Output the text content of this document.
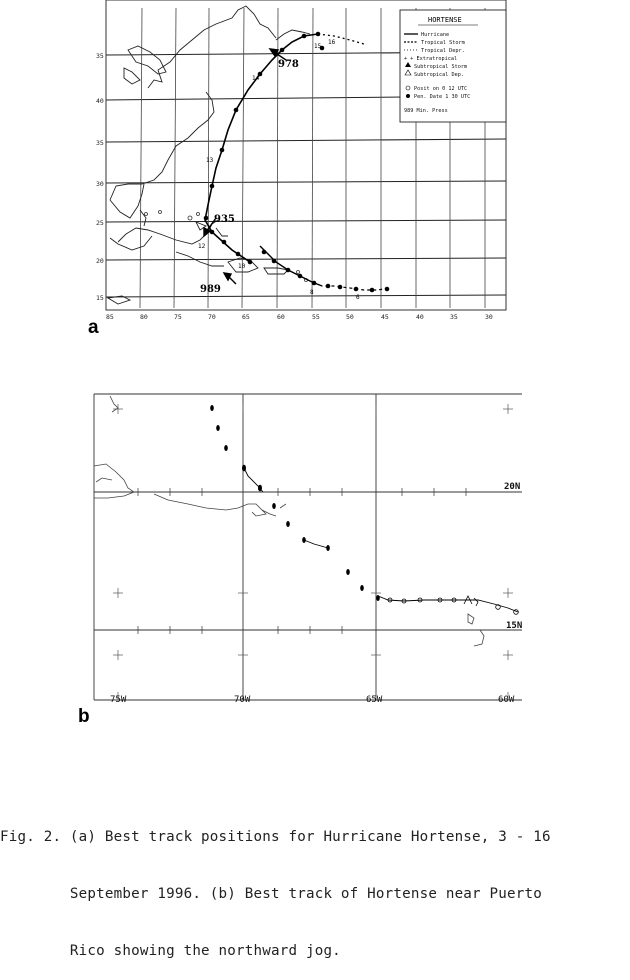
978
935
989
15
14
13
12
10
8
6
16
35
40
35
30
25
20
15
85	80	75	70	65	60	55	50	45	40	35	30
HORTENSE
Hurricane
Tropical Storm
Tropical Depr.
+ + Extratropical
Subtropical Storm
Subtropical Dep.
Posit on 0 12 UTC
Pen. Date 1 30 UTC
989 Min. Press
a
20N
15N
75W	70W	65W	60W
b

Fig. 2. (a) Best track positions for Hurricane Hortense, 3 - 16

September 1996. (b) Best track of Hortense near Puerto

Rico showing the northward jog.
